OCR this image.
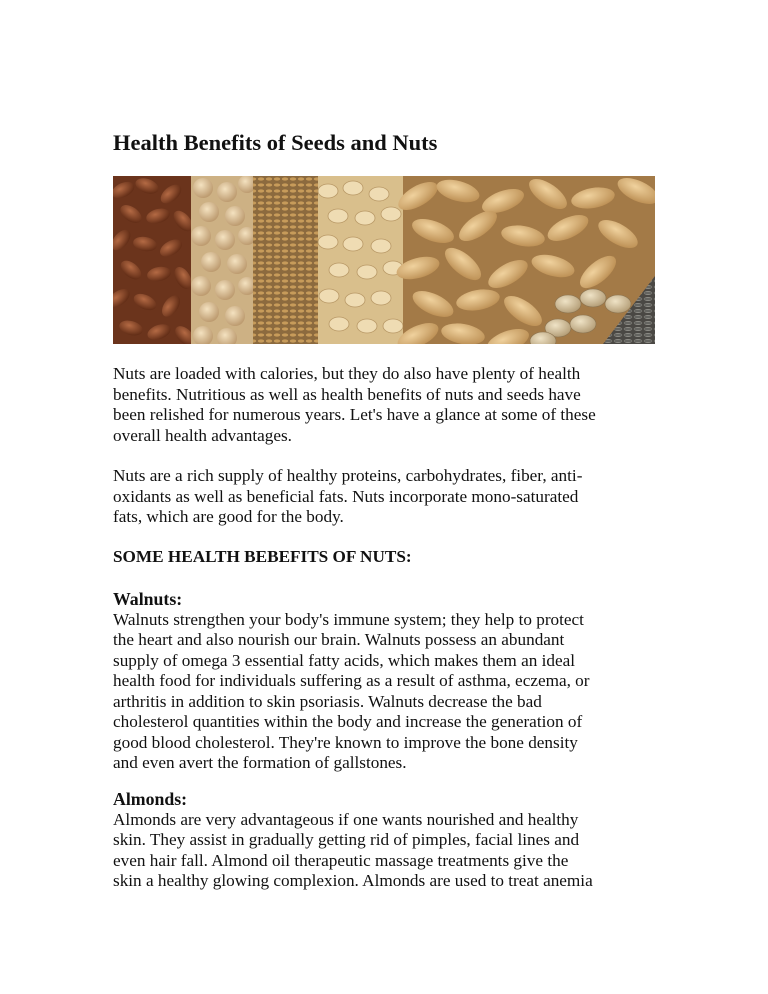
Health Benefits of Seeds and Nuts

Nuts are loaded with calories, but they do also have plenty of health
benefits. Nutritious as well as health benefits of nuts and seeds have
been relished for numerous years. Let's have a glance at some of these
overall health advantages.

Nuts are a rich supply of healthy proteins, carbohydrates, fiber, anti-
oxidants as well as beneficial fats. Nuts incorporate mono-saturated
fats, which are good for the body.

SOME HEALTH BEBEFITS OF NUTS:
Walnuts:
Walnuts strengthen your body's immune system; they help to protect
the heart and also nourish our brain. Walnuts possess an abundant
supply of omega 3 essential fatty acids, which makes them an ideal
health food for individuals suffering as a result of asthma, eczema, or
arthritis in addition to skin psoriasis. Walnuts decrease the bad
cholesterol quantities within the body and increase the generation of
good blood cholesterol. They're known to improve the bone density
and even avert the formation of gallstones.
Almonds:
Almonds are very advantageous if one wants nourished and healthy
skin. They assist in gradually getting rid of pimples, facial lines and
even hair fall. Almond oil therapeutic massage treatments give the
skin a healthy glowing complexion. Almonds are used to treat anemia
